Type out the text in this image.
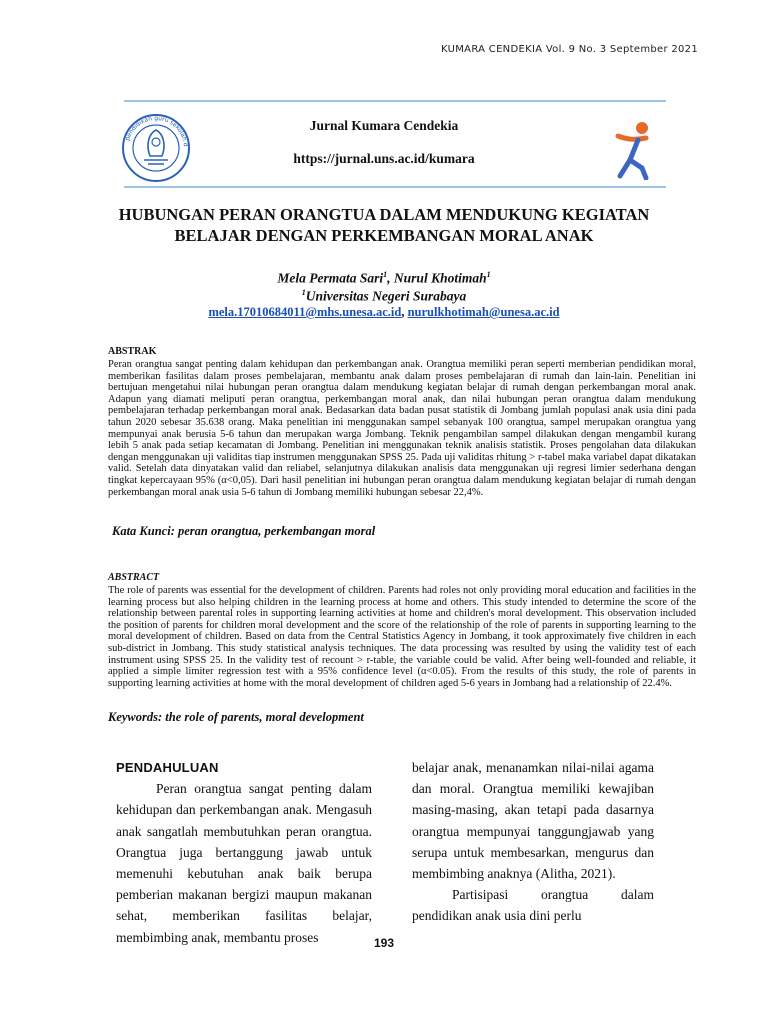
KUMARA CENDEKIA Vol. 9 No. 3 September 2021
pendidikan guru sekolah d
Jurnal Kumara Cendekia
https://jurnal.uns.ac.id/kumara
HUBUNGAN PERAN ORANGTUA DALAM MENDUKUNG KEGIATAN BELAJAR DENGAN PERKEMBANGAN MORAL ANAK
Mela Permata Sari$^1$, Nurul Khotimah$^1$
$^1$Universitas Negeri Surabaya
mela.17010684011@mhs.unesa.ac.id, nurulkhotimah@unesa.ac.id
ABSTRAK

Peran orangtua sangat penting dalam kehidupan dan perkembangan anak. Orangtua memiliki peran seperti memberian pendidikan moral, memberikan fasilitas dalam proses pembelajaran, membantu anak dalam proses pembelajaran di rumah dan lain-lain. Penelitian ini bertujuan mengetahui nilai hubungan peran orangtua dalam mendukung kegiatan belajar di rumah dengan perkembangan moral anak. Adapun yang diamati meliputi peran orangtua, perkembangan moral anak, dan nilai hubungan peran orangtua dalam mendukung pembelajaran terhadap perkembangan moral anak. Bedasarkan data badan pusat statistik di Jombang jumlah populasi anak usia dini pada tahun 2020 sebesar 35.638 orang. Maka penelitian ini menggunakan sampel sebanyak 100 orangtua, sampel merupakan orangtua yang mempunyai anak berusia 5-6 tahun dan merupakan warga Jombang. Teknik pengambilan sampel dilakukan dengan mengambil kurang lebih 5 anak pada setiap kecamatan di Jombang. Penelitian ini menggunakan teknik analisis statistik. Proses pengolahan data dilakukan dengan menggunakan uji validitas tiap instrumen menggunakan SPSS 25. Pada uji validitas rhitung > r-tabel maka variabel dapat dikatakan valid. Setelah data dinyatakan valid dan reliabel, selanjutnya dilakukan analisis data menggunakan uji regresi limier sederhana dengan tingkat kepercayaan 95% (α<0,05). Dari hasil penelitian ini hubungan peran orangtua dalam mendukung kegiatan belajar di rumah dengan perkembangan moral anak usia 5-6 tahun di Jombang memiliki hubungan sebesar 22,4%.

Kata Kunci: peran orangtua, perkembangan moral
ABSTRACT

The role of parents was essential for the development of children. Parents had roles not only providing moral education and facilities in the learning process but also helping children in the learning process at home and others. This study intended to determine the score of the relationship between parental roles in supporting learning activities at home and children's moral development. This observation included the position of parents for children moral development and the score of the relationship of the role of parents in supporting learning to the moral development of children. Based on data from the Central Statistics Agency in Jombang, it took approximately five children in each sub-district in Jombang. This study statistical analysis techniques. The data processing was resulted by using the validity test of each instrument using SPSS 25. In the validity test of recount > r-table, the variable could be valid. After being well-founded and reliable, it applied a simple limiter regression test with a 95% confidence level (α<0.05). From the results of this study, the role of parents in supporting learning activities at home with the moral development of children aged 5-6 years in Jombang had a relationship of 22.4%.

Keywords: the role of parents, moral development
PENDAHULUAN

Peran orangtua sangat penting dalam kehidupan dan perkembangan anak. Mengasuh anak sangatlah membutuhkan peran orangtua. Orangtua juga bertanggung jawab untuk memenuhi kebutuhan anak baik berupa pemberian makanan bergizi maupun makanan sehat, memberikan fasilitas belajar, membimbing anak, membantu proses

belajar anak, menanamkan nilai-nilai agama dan moral. Orangtua memiliki kewajiban masing-masing, akan tetapi pada dasarnya orangtua mempunyai tanggungjawab yang serupa untuk membesarkan, mengurus dan membimbing anaknya (Alitha, 2021).

Partisipasi orangtua dalam pendidikan anak usia dini perlu

193
